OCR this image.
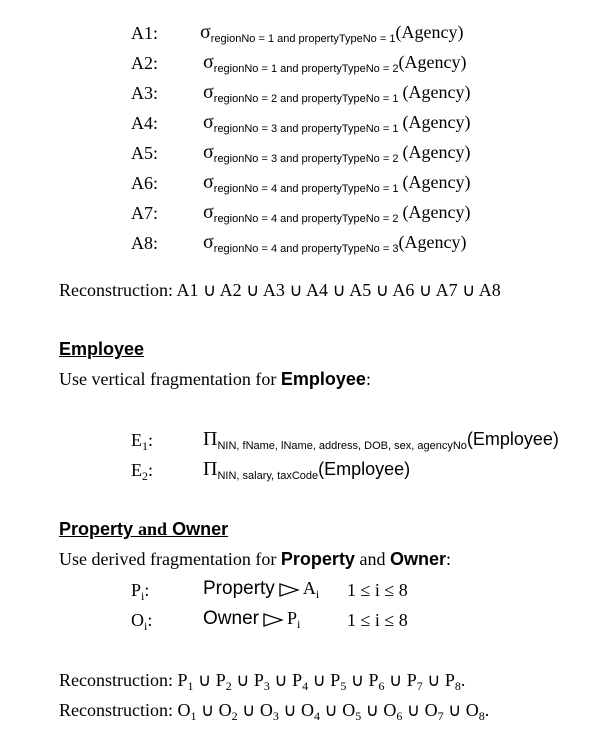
A1: $\sigma_{regionNo = 1 and propertyTypeNo = 1}(Agency)$
A2: $\sigma_{regionNo = 1 and propertyTypeNo = 2}(Agency)$
A3: $\sigma_{regionNo = 2 and propertyTypeNo = 1}$ (Agency)
A4: $\sigma_{regionNo = 3 and propertyTypeNo = 1}$ (Agency)
A5: $\sigma_{regionNo = 3 and propertyTypeNo = 2}$ (Agency)
A6: $\sigma_{regionNo = 4 and propertyTypeNo = 1}$ (Agency)
A7: $\sigma_{regionNo = 4 and propertyTypeNo = 2}$ (Agency)
A8: $\sigma_{regionNo = 4 and propertyTypeNo = 3}(Agency)$
Reconstruction: A1 ∪ A2 ∪ A3 ∪ A4 ∪ A5 ∪ A6 ∪ A7 ∪ A8
Employee
Use vertical fragmentation for Employee:
$E_1$: $\Pi_{NIN, fName, lName, address, DOB, sex, agencyNo}(Employee)$
$E_2$: $\Pi_{NIN, salary, taxCode}(Employee)$
Property and Owner
Use derived fragmentation for Property and Owner:
$P_i$:	Property $A_i$ 1 ≤ i ≤ 8
$O_i$:	Owner $P_i$	1 ≤ i ≤ 8
Reconstruction: $P_1$ ∪ $P_2$ ∪ $P_3$ ∪ $P_4$ ∪ $P_5$ ∪ $P_6$ ∪ $P_7$ ∪ $P_8$.
Reconstruction: $O_1$ ∪ $O_2$ ∪ $O_3$ ∪ $O_4$ ∪ $O_5$ ∪ $O_6$ ∪ $O_7$ ∪ $O_8$.
